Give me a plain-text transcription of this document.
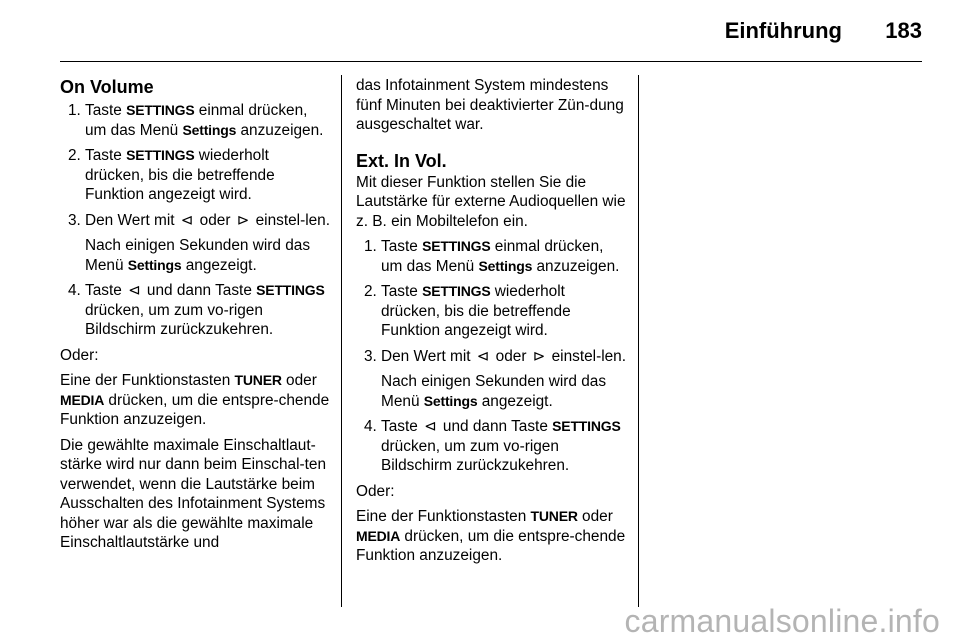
Einführung 183
On Volume
1. Taste SETTINGS einmal drücken, um das Menü Settings anzuzeigen.
2. Taste SETTINGS wiederholt drücken, bis die betreffende Funktion angezeigt wird.
3. Den Wert mit ⊲ oder ⊳ einstel-len.
Nach einigen Sekunden wird das Menü Settings angezeigt.
4. Taste ⊲ und dann Taste SETTINGS drücken, um zum vo-rigen Bildschirm zurückzukehren.

Oder:

Eine der Funktionstasten TUNER oder MEDIA drücken, um die entspre-chende Funktion anzuzeigen.

Die gewählte maximale Einschaltlaut-stärke wird nur dann beim Einschal-ten verwendet, wenn die Lautstärke beim Ausschalten des Infotainment Systems höher war als die gewählte maximale Einschaltlautstärke und

das Infotainment System mindestens fünf Minuten bei deaktivierter Zün-dung ausgeschaltet war.

Ext. In Vol.

Mit dieser Funktion stellen Sie die Lautstärke für externe Audioquellen wie z. B. ein Mobiltelefon ein.

1. Taste SETTINGS einmal drücken, um das Menü Settings anzuzeigen.
2. Taste SETTINGS wiederholt drücken, bis die betreffende Funktion angezeigt wird.
3. Den Wert mit ⊲ oder ⊳ einstel-len.
Nach einigen Sekunden wird das Menü Settings angezeigt.
4. Taste ⊲ und dann Taste SETTINGS drücken, um zum vo-rigen Bildschirm zurückzukehren.

Oder:

Eine der Funktionstasten TUNER oder MEDIA drücken, um die entspre-chende Funktion anzuzeigen.

carmanualsonline.info
